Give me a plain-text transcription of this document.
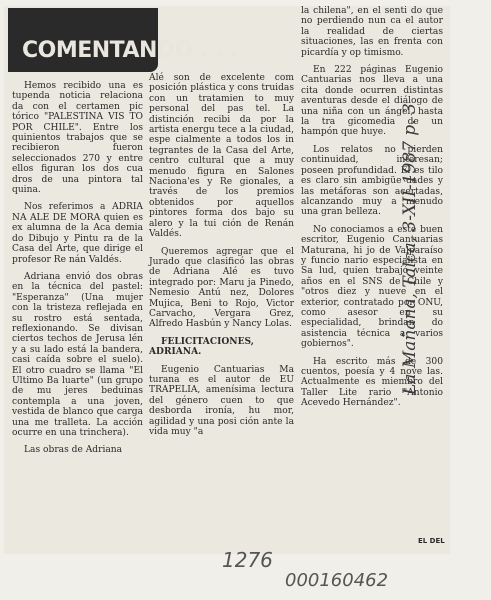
COMENTANDO . . .

Hemos recibido una es tupenda noticia relaciona da con el certamen pic tórico "PALESTINA VIS TO POR CHILE". Entre los quinientos trabajos que se recibieron fueron seleccionados 270 y entre ellos figuran los dos cua dros de una pintora tal quina.

Nos referimos a ADRIA NA ALE DE MORA quien es ex alumna de la Aca demia do Dibujo y Pintu ra de la Casa del Arte, que dirige el profesor Re nán Valdés.

Adriana envió dos obras en la técnica del pastel: "Esperanza" (Una mujer con la tristeza reflejada en su rostro está sentada, reflexionando. Se divisan ciertos techos de Jerusa lén y a su lado está la bandera, casi caída sobre el suelo). El otro cuadro se llama "El Ultimo Ba luarte" (un grupo de mu jeres beduinas contempla a una joven, vestida de blanco que carga una me tralleta. La acción ocurre en una trinchera).

Las obras de Adriana

Alé son de excelente com posición plástica y cons truidas con un tratamien to muy personal del pas tel. La distinción recibi da por la artista energu tece a la ciudad, espe cialmente a todos los in tegrantes de la Casa del Arte, centro cultural que a muy menudo figura en Salones Naciona'es y Re gionales, a través de los premios obtenidos por aquellos pintores forma dos bajo su alero y la tui ción de Renán Valdés.

Queremos agregar que el Jurado que clasificó las obras de Adriana Alé es tuvo integrado por: Maru ja Pinedo, Nemesio Antú nez, Dolores Mujica, Beni to Rojo, Victor Carvacho, Vergara Grez, Alfredo Hasbún y Nancy Lolas.

FELICITACIONES, ADRIANA.

Eugenio Cantuarias Ma turana es el autor de EU TRAPELIA, amenísima lectura del género cuen to que desborda ironía, hu mor, agilidad y una posi ción ante la vida muy "a

la chilena", en el senti do que no perdiendo nun ca el autor la realidad de ciertas situaciones, las en frenta con picardía y op timismo.

En 222 páginas Eugenio Cantuarias nos lleva a una cita donde ocurren distintas aventuras desde el diálogo de una niña con un ángel, hasta la tra gicomedia de un hampón que huye.

Los relatos no pierden continuidad, interesan; poseen profundidad. El es tilo es claro sin ambigüe dades y las metáforas son acertadas, alcanzando muy a menudo una gran belleza.

No conociamos a este buen escritor, Eugenio Cantuarias Maturana, hi jo de Valparaíso y funcio nario especialista en Sa lud, quien trabajó veinte años en el SNS de Chile y "otros diez y nueve en el exterior, contratado por ONU, como asesor en su especialidad, brindan do asistencia técnica a varios gobiernos".

Ha escrito más de 300 cuentos, poesía y 4 nove las. Actualmente es miembro del Taller Lite rario "Antonio Acevedo Hernández".

EL DEL
La Mañana, Talca, 3-XII-1987 p. 3
1276
000160462
